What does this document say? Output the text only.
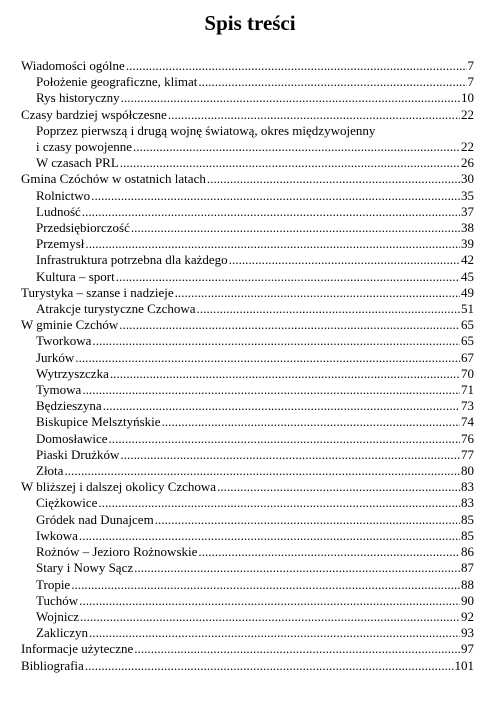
Spis treści
Wiadomości ogólne . . .	7
Położenie geograficzne, klimat . . .	7
Rys historyczny . . .	10
Czasy bardziej współczesne . . .	22
Poprzez pierwszą i drugą wojnę światową, okres międzywojenny
i czasy powojenne . . .	22
W czasach PRL . . .	26
Gmina Czóchów w ostatnich latach . . .	30
Rolnictwo . . .	35
Ludność . . .	37
Przedsiębiorczość . . .	38
Przemysł . . .	39
Infrastruktura potrzebna dla każdego . . .	42
Kultura – sport . . .	45
Turystyka – szanse i nadzieje . . .	49
Atrakcje turystyczne Czchowa . . .	51
W gminie Czchów . . .	65
Tworkowa . . .	65
Jurków . . .	67
Wytrzyszczka . . .	70
Tymowa . . .	71
Będzieszyna . . .	73
Biskupice Melsztyńskie . . .	74
Domosławice . . .	76
Piaski Drużków . . .	77
Złota . . .	80
W bliższej i dalszej okolicy Czchowa . . .	83
Ciężkowice . . .	83
Gródek nad Dunajcem . . .	85
Iwkowa . . .	85
Rożnów – Jezioro Rożnowskie . . .	86
Stary i Nowy Sącz . . .	87
Tropie . . .	88
Tuchów . . .	90
Wojnicz . . .	92
Zakliczyn . . .	93
Informacje użyteczne . . .	97
Bibliografia . . .	101
